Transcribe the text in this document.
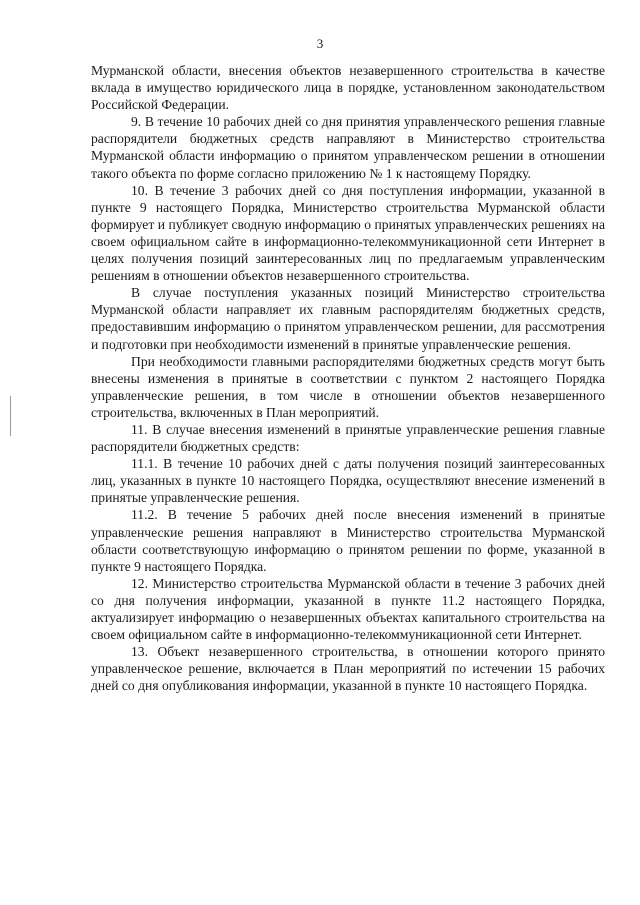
3

Мурманской области, внесения объектов незавершенного строительства в качестве вклада в имущество юридического лица в порядке, установленном законодательством Российской Федерации.

9. В течение 10 рабочих дней со дня принятия управленческого решения главные распорядители бюджетных средств направляют в Министерство строительства Мурманской области информацию о принятом управленческом решении в отношении такого объекта по форме согласно приложению № 1 к настоящему Порядку.

10. В течение 3 рабочих дней со дня поступления информации, указанной в пункте 9 настоящего Порядка, Министерство строительства Мурманской области формирует и публикует сводную информацию о принятых управленческих решениях на своем официальном сайте в информационно-телекоммуникационной сети Интернет в целях получения позиций заинтересованных лиц по предлагаемым управленческим решениям в отношении объектов незавершенного строительства.

В случае поступления указанных позиций Министерство строительства Мурманской области направляет их главным распорядителям бюджетных средств, предоставившим информацию о принятом управленческом решении, для рассмотрения и подготовки при необходимости изменений в принятые управленческие решения.

При необходимости главными распорядителями бюджетных средств могут быть внесены изменения в принятые в соответствии с пунктом 2 настоящего Порядка управленческие решения, в том числе в отношении объектов незавершенного строительства, включенных в План мероприятий.

11. В случае внесения изменений в принятые управленческие решения главные распорядители бюджетных средств:

11.1. В течение 10 рабочих дней с даты получения позиций заинтересованных лиц, указанных в пункте 10 настоящего Порядка, осуществляют внесение изменений в принятые управленческие решения.

11.2. В течение 5 рабочих дней после внесения изменений в принятые управленческие решения направляют в Министерство строительства Мурманской области соответствующую информацию о принятом решении по форме, указанной в пункте 9 настоящего Порядка.

12. Министерство строительства Мурманской области в течение 3 рабочих дней со дня получения информации, указанной в пункте 11.2 настоящего Порядка, актуализирует информацию о незавершенных объектах капитального строительства на своем официальном сайте в информационно-телекоммуникационной сети Интернет.

13. Объект незавершенного строительства, в отношении которого принято управленческое решение, включается в План мероприятий по истечении 15 рабочих дней со дня опубликования информации, указанной в пункте 10 настоящего Порядка.
